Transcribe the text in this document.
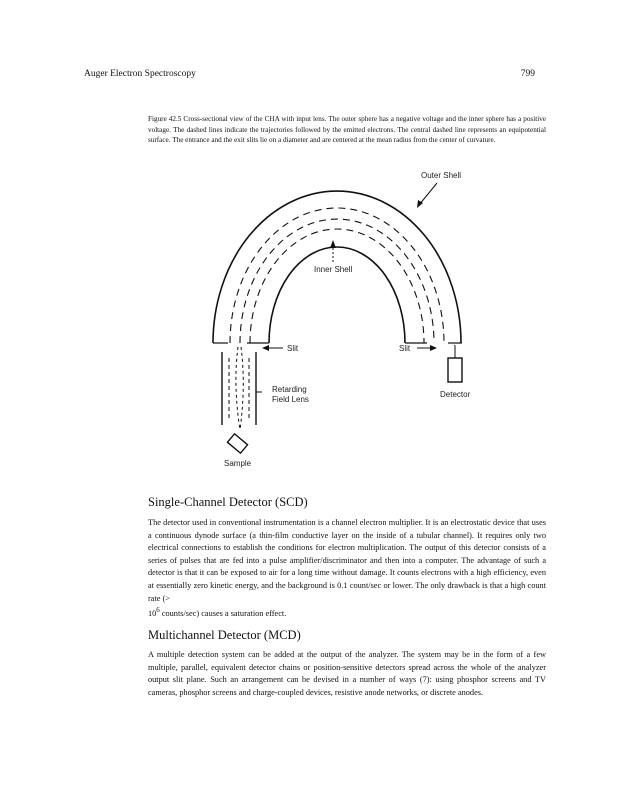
Auger Electron Spectroscopy	799
Figure 42.5 Cross-sectional view of the CHA with input lens. The outer sphere has a negative voltage and the inner sphere has a positive voltage. The dashed lines indicate the trajectories followed by the emitted electrons. The central dashed line represents an equipotential surface. The entrance and the exit slits lie on a diameter and are centered at the mean radius from the center of curvature.
Outer Shell
Inner Shell
Slit	Slit
Retarding
Field Lens
Sample
Detector
Single-Channel Detector (SCD)

The detector used in conventional instrumentation is a channel electron multiplier. It is an electrostatic device that uses a continuous dynode surface (a thin-film conductive layer on the inside of a tubular channel). It requires only two electrical connections to establish the conditions for electron multiplication. The output of this detector consists of a series of pulses that are fed into a pulse amplifier/discriminator and then into a computer. The advantage of such a detector is that it can be exposed to air for a long time without damage. It counts electrons with a high efficiency, even at essentially zero kinetic energy, and the background is 0.1 count/sec or lower. The only drawback is that a high count rate (>
$10^6$ counts/sec) causes a saturation effect.

Multichannel Detector (MCD)

A multiple detection system can be added at the output of the analyzer. The system may be in the form of a few multiple, parallel, equivalent detector chains or position-sensitive detectors spread across the whole of the analyzer output slit plane. Such an arrangement can be devised in a number of ways (7): using phosphor screens and TV cameras, phosphor screens and charge-coupled devices, resistive anode networks, or discrete anodes.
